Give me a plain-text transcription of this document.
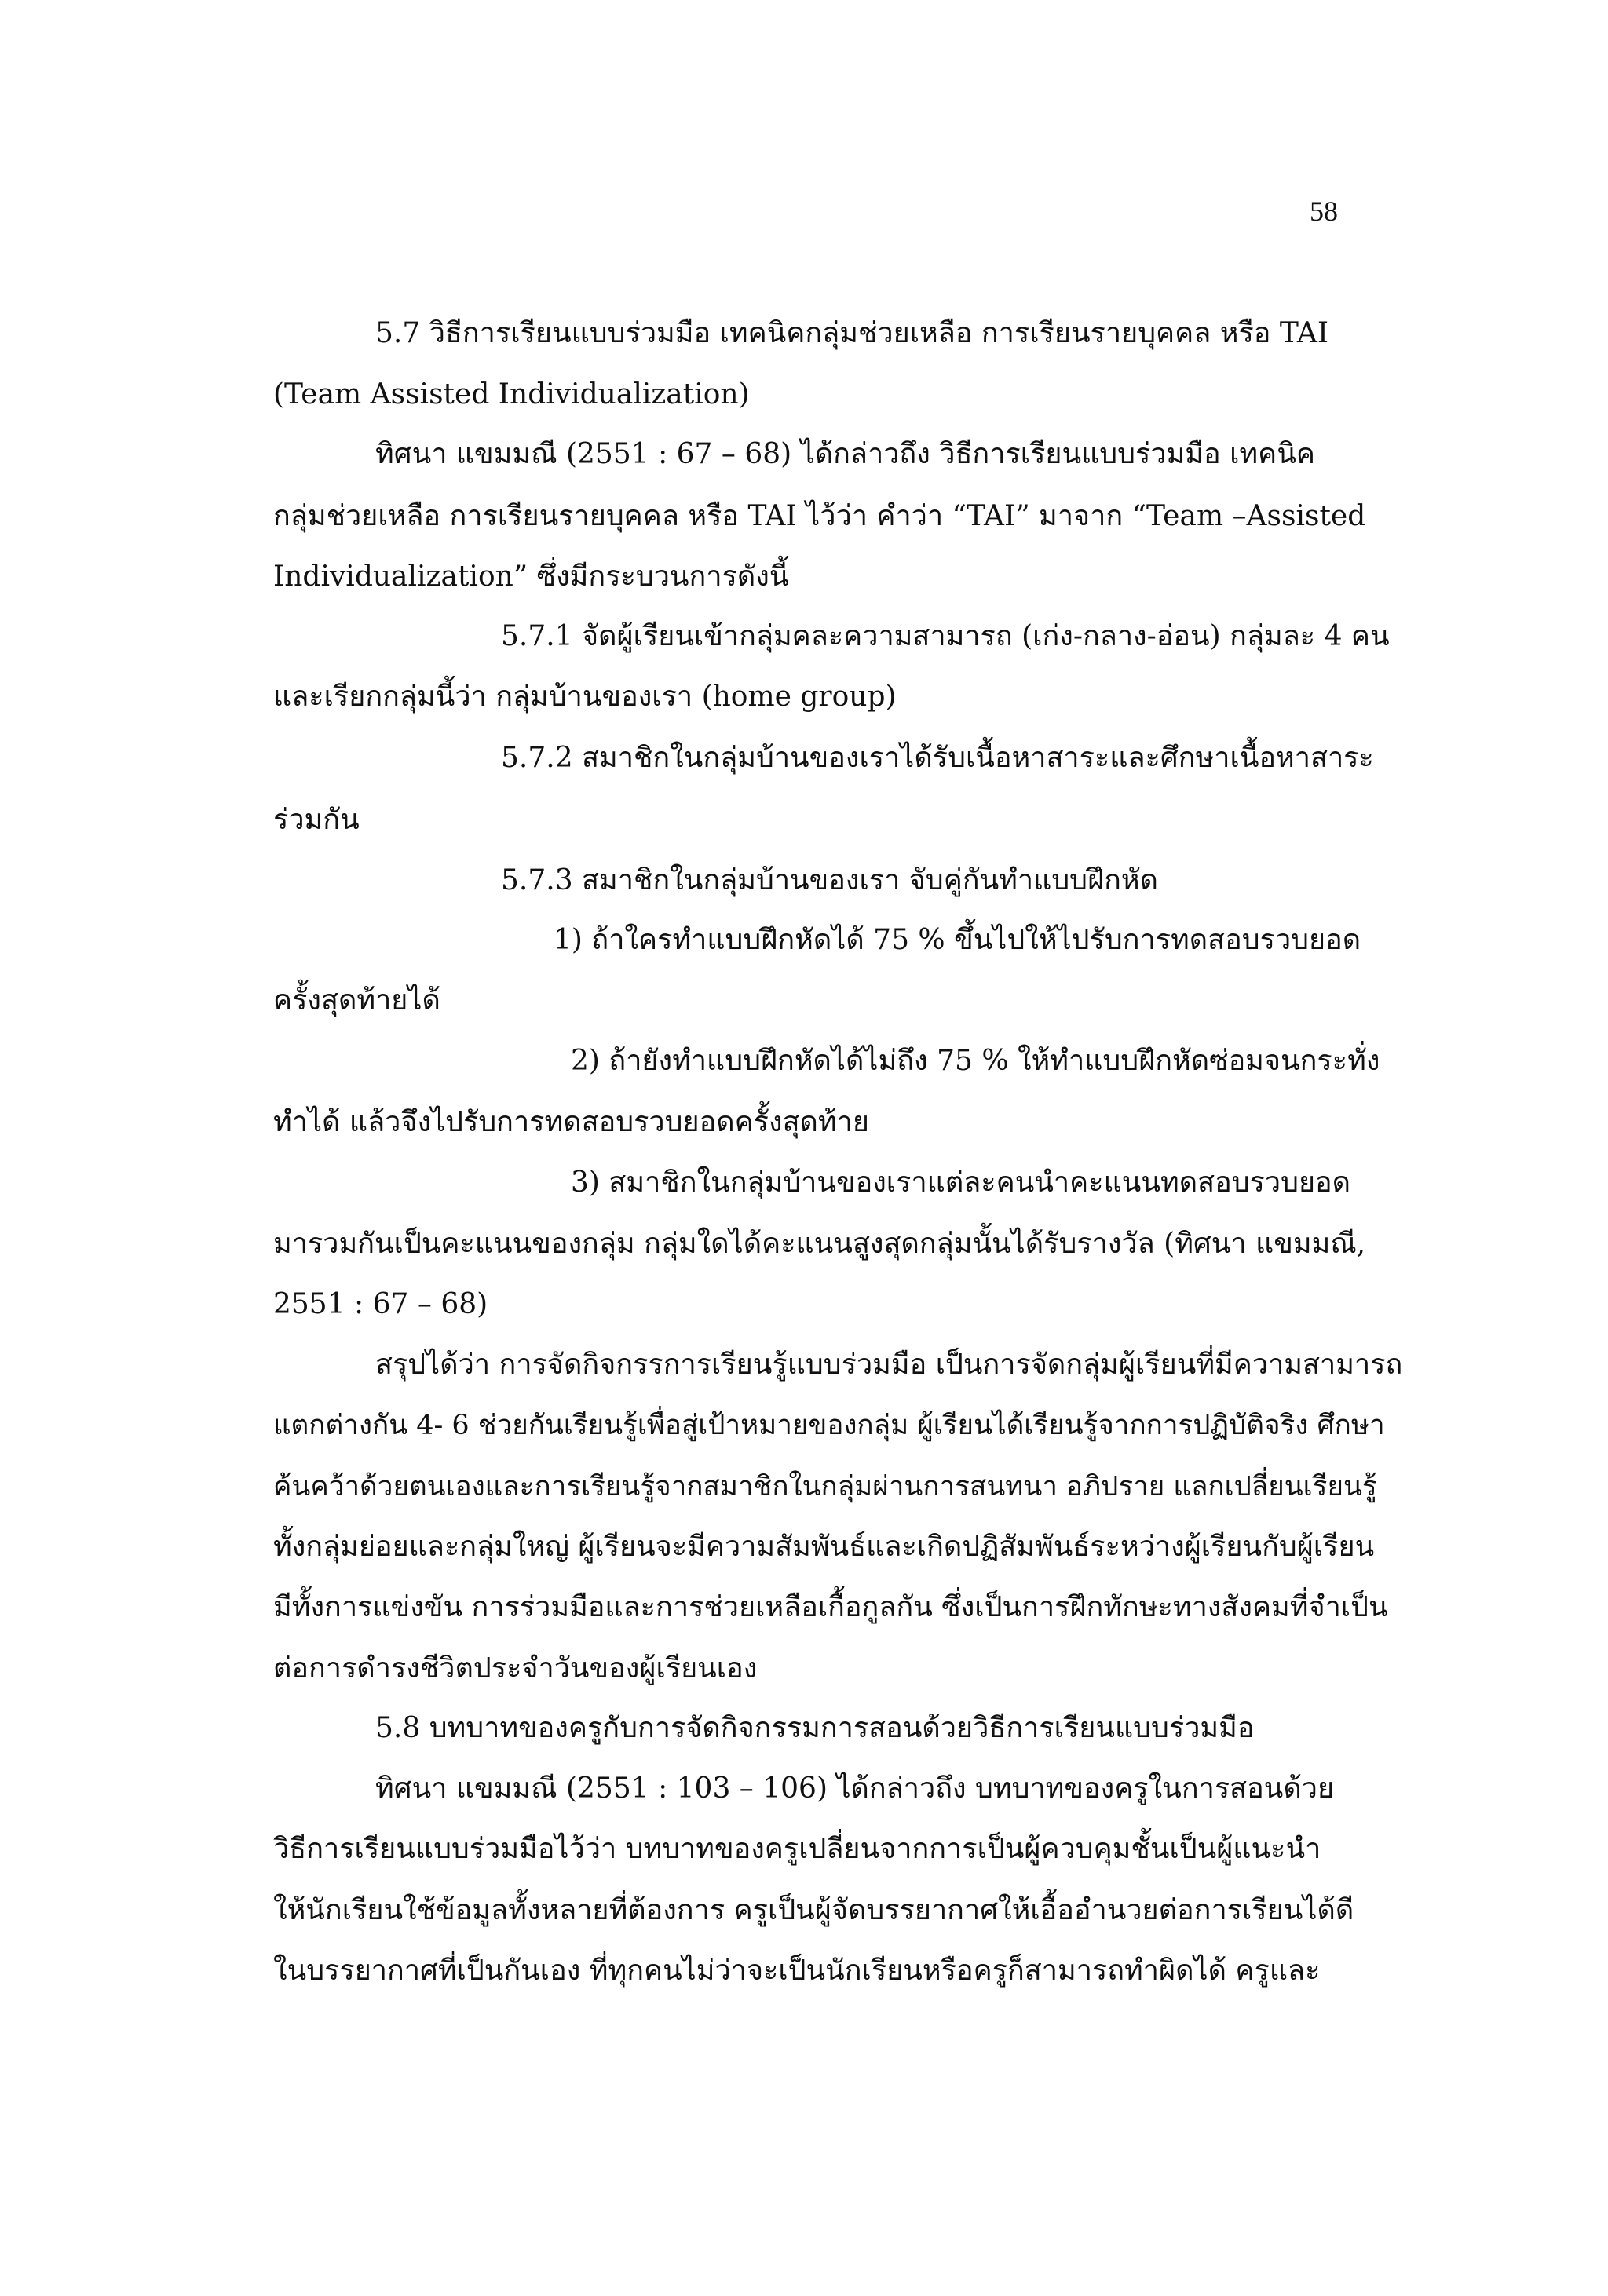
58
5.7 วิธีการเรียนแบบร่วมมือ เทคนิคกลุ่มช่วยเหลือ การเรียนรายบุคคล หรือ TAI
(Team Assisted Individualization)
ทิศนา แขมมณี (2551 : 67 – 68) ได้กล่าวถึง วิธีการเรียนแบบร่วมมือ เทคนิค
กลุ่มช่วยเหลือ การเรียนรายบุคคล หรือ TAI ไว้ว่า คำว่า “TAI” มาจาก “Team –Assisted
Individualization” ซึ่งมีกระบวนการดังนี้
5.7.1 จัดผู้เรียนเข้ากลุ่มคละความสามารถ (เก่ง-กลาง-อ่อน) กลุ่มละ 4 คน
และเรียกกลุ่มนี้ว่า กลุ่มบ้านของเรา (home group)
5.7.2 สมาชิกในกลุ่มบ้านของเราได้รับเนื้อหาสาระและศึกษาเนื้อหาสาระ
ร่วมกัน
5.7.3 สมาชิกในกลุ่มบ้านของเรา จับคู่กันทำแบบฝึกหัด
1) ถ้าใครทำแบบฝึกหัดได้ 75 % ขึ้นไปให้ไปรับการทดสอบรวบยอด
ครั้งสุดท้ายได้
2) ถ้ายังทำแบบฝึกหัดได้ไม่ถึง 75 % ให้ทำแบบฝึกหัดซ่อมจนกระทั่ง
ทำได้ แล้วจึงไปรับการทดสอบรวบยอดครั้งสุดท้าย
3) สมาชิกในกลุ่มบ้านของเราแต่ละคนนำคะแนนทดสอบรวบยอด
มารวมกันเป็นคะแนนของกลุ่ม กลุ่มใดได้คะแนนสูงสุดกลุ่มนั้นได้รับรางวัล (ทิศนา แขมมณี,
2551 : 67 – 68)
สรุปได้ว่า การจัดกิจกรรการเรียนรู้แบบร่วมมือ เป็นการจัดกลุ่มผู้เรียนที่มีความสามารถ
แตกต่างกัน 4- 6 ช่วยกันเรียนรู้เพื่อสู่เป้าหมายของกลุ่ม ผู้เรียนได้เรียนรู้จากการปฏิบัติจริง ศึกษา
ค้นคว้าด้วยตนเองและการเรียนรู้จากสมาชิกในกลุ่มผ่านการสนทนา อภิปราย แลกเปลี่ยนเรียนรู้
ทั้งกลุ่มย่อยและกลุ่มใหญ่ ผู้เรียนจะมีความสัมพันธ์และเกิดปฏิสัมพันธ์ระหว่างผู้เรียนกับผู้เรียน
มีทั้งการแข่งขัน การร่วมมือและการช่วยเหลือเกื้อกูลกัน ซึ่งเป็นการฝึกทักษะทางสังคมที่จำเป็น
ต่อการดำรงชีวิตประจำวันของผู้เรียนเอง
5.8 บทบาทของครูกับการจัดกิจกรรมการสอนด้วยวิธีการเรียนแบบร่วมมือ
ทิศนา แขมมณี (2551 : 103 – 106) ได้กล่าวถึง บทบาทของครูในการสอนด้วย
วิธีการเรียนแบบร่วมมือไว้ว่า บทบาทของครูเปลี่ยนจากการเป็นผู้ควบคุมชั้นเป็นผู้แนะนำ
ให้นักเรียนใช้ข้อมูลทั้งหลายที่ต้องการ ครูเป็นผู้จัดบรรยากาศให้เอื้ออำนวยต่อการเรียนได้ดี
ในบรรยากาศที่เป็นกันเอง ที่ทุกคนไม่ว่าจะเป็นนักเรียนหรือครูก็สามารถทำผิดได้ ครูและ
